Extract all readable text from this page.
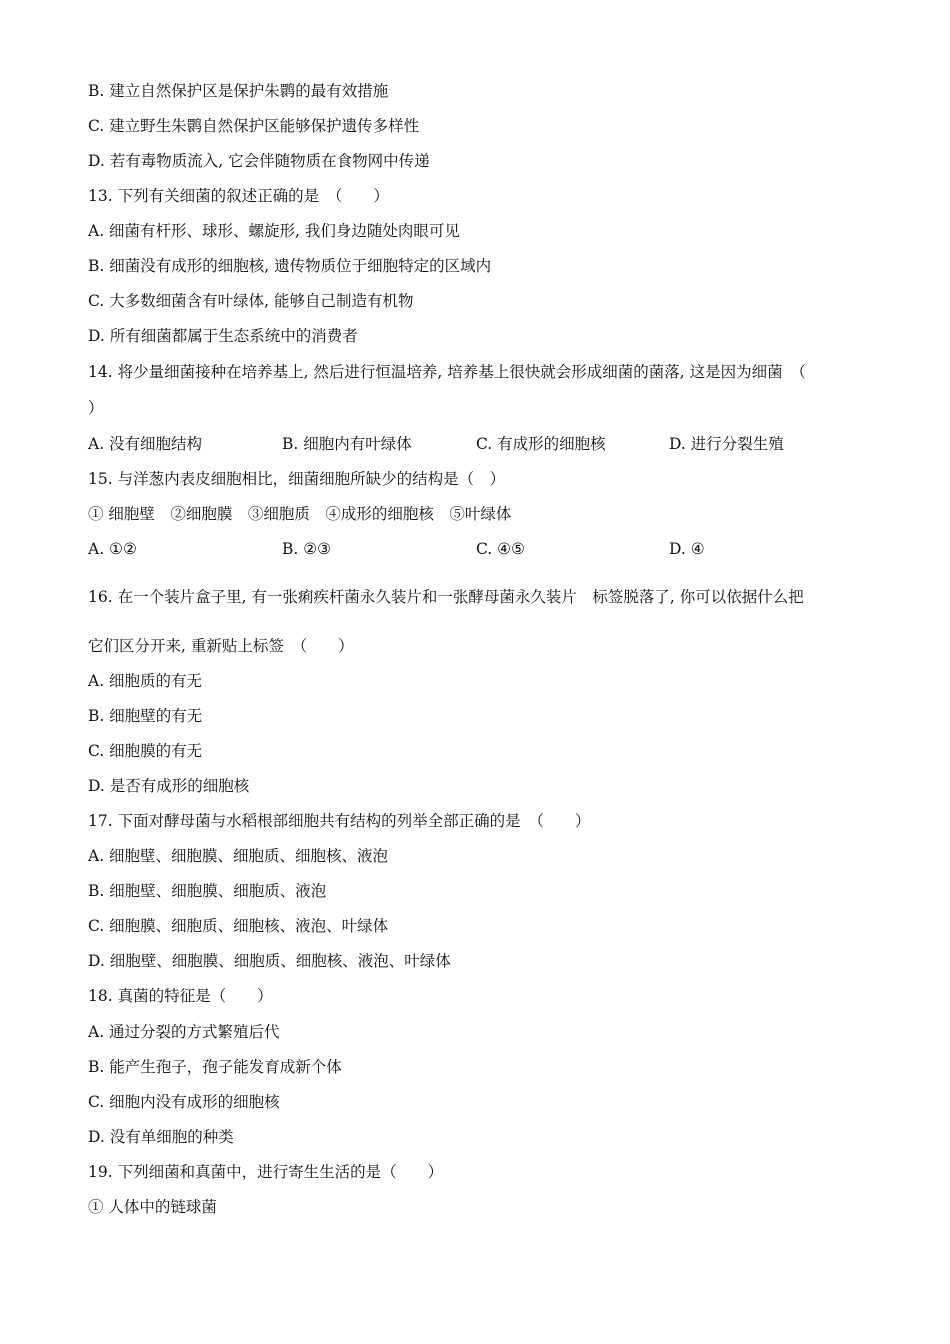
B. 建立自然保护区是保护朱鹮的最有效措施
C. 建立野生朱鹮自然保护区能够保护遗传多样性
D. 若有毒物质流入, 它会伴随物质在食物网中传递
13. 下列有关细菌的叙述正确的是　（　　）
A. 细菌有杆形、球形、螺旋形, 我们身边随处肉眼可见
B. 细菌没有成形的细胞核, 遗传物质位于细胞特定的区域内
C. 大多数细菌含有叶绿体, 能够自己制造有机物
D. 所有细菌都属于生态系统中的消费者
14. 将少量细菌接种在培养基上, 然后进行恒温培养, 培养基上很快就会形成细菌的菌落, 这是因为细菌　（
）
A. 没有细胞结构	B. 细胞内有叶绿体	C. 有成形的细胞核	D. 进行分裂生殖
15. 与洋葱内表皮细胞相比，细菌细胞所缺少的结构是（　）
① 细胞壁　②细胞膜　③细胞质　④成形的细胞核　⑤叶绿体
A. ①②	B. ②③	C. ④⑤	D. ④
16. 在一个装片盒子里, 有一张痢疾杆菌永久装片和一张酵母菌永久装片　标签脱落了, 你可以依据什么把
它们区分开来, 重新贴上标签　（　　）
A. 细胞质的有无
B. 细胞壁的有无
C. 细胞膜的有无
D. 是否有成形的细胞核
17. 下面对酵母菌与水稻根部细胞共有结构的列举全部正确的是　（　　）
A. 细胞壁、细胞膜、细胞质、细胞核、液泡
B. 细胞壁、细胞膜、细胞质、液泡
C. 细胞膜、细胞质、细胞核、液泡、叶绿体
D. 细胞壁、细胞膜、细胞质、细胞核、液泡、叶绿体
18. 真菌的特征是（　　）
A. 通过分裂的方式繁殖后代
B. 能产生孢子，孢子能发育成新个体
C. 细胞内没有成形的细胞核
D. 没有单细胞的种类
19. 下列细菌和真菌中，进行寄生生活的是（　　）
① 人体中的链球菌
